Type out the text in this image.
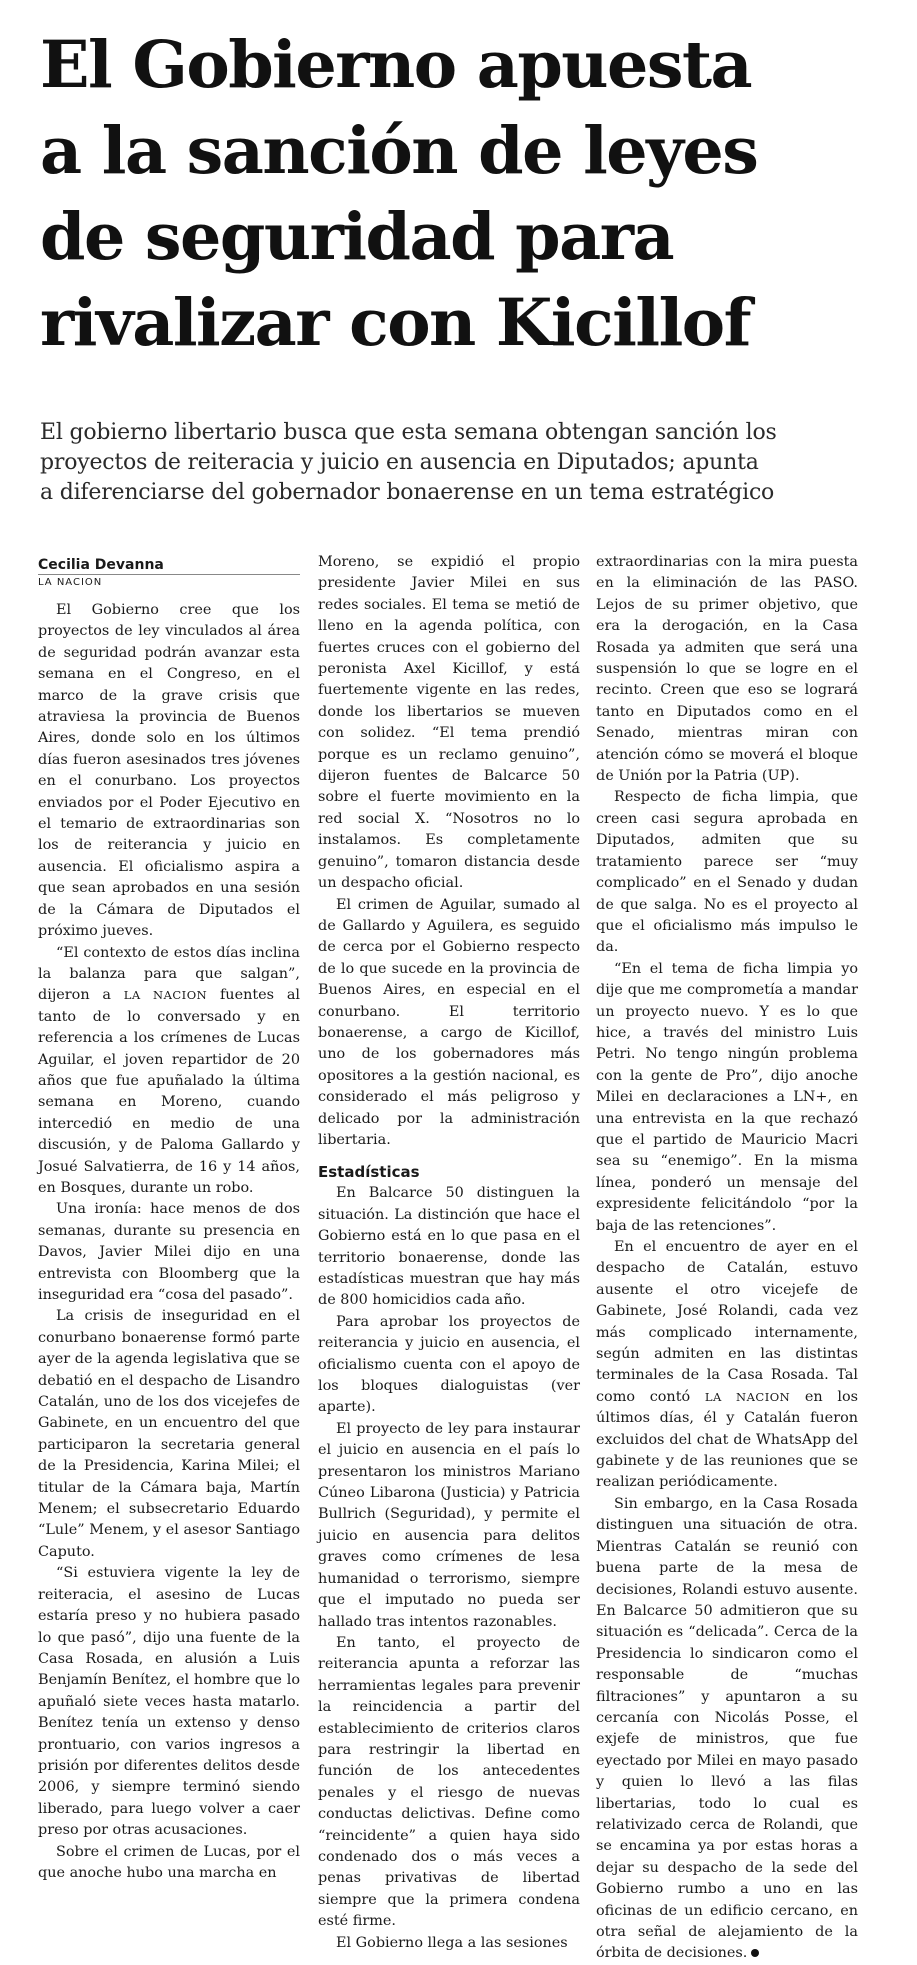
El Gobierno apuesta
a la sanción de leyes
de seguridad para
rivalizar con Kicillof
El gobierno libertario busca que esta semana obtengan sanción los
proyectos de reiteracia y juicio en ausencia en Diputados; apunta
a diferenciarse del gobernador bonaerense en un tema estratégico
Cecilia Devanna
LA NACION

El Gobierno cree que los proyectos de ley vinculados al área de seguridad podrán avanzar esta semana en el Congreso, en el marco de la grave crisis que atraviesa la provincia de Buenos Aires, donde solo en los últimos días fueron asesinados tres jóvenes en el conurbano. Los proyectos enviados por el Poder Ejecutivo en el temario de extraordinarias son los de reiterancia y juicio en ausencia. El oficialismo aspira a que sean aprobados en una sesión de la Cámara de Diputados el próximo jueves.

“El contexto de estos días inclina la balanza para que salgan”, dijeron a LA NACION fuentes al tanto de lo conversado y en referencia a los crímenes de Lucas Aguilar, el joven repartidor de 20 años que fue apuñalado la última semana en Moreno, cuando intercedió en medio de una discusión, y de Paloma Gallardo y Josué Salvatierra, de 16 y 14 años, en Bosques, durante un robo.

Una ironía: hace menos de dos semanas, durante su presencia en Davos, Javier Milei dijo en una entrevista con Bloomberg que la inseguridad era “cosa del pasado”.

La crisis de inseguridad en el conurbano bonaerense formó parte ayer de la agenda legislativa que se debatió en el despacho de Lisandro Catalán, uno de los dos vicejefes de Gabinete, en un encuentro del que participaron la secretaria general de la Presidencia, Karina Milei; el titular de la Cámara baja, Martín Menem; el subsecretario Eduardo “Lule” Menem, y el asesor Santiago Caputo.

“Si estuviera vigente la ley de reiteracia, el asesino de Lucas estaría preso y no hubiera pasado lo que pasó”, dijo una fuente de la Casa Rosada, en alusión a Luis Benjamín Benítez, el hombre que lo apuñaló siete veces hasta matarlo. Benítez tenía un extenso y denso prontuario, con varios ingresos a prisión por diferentes delitos desde 2006, y siempre terminó siendo liberado, para luego volver a caer preso por otras acusaciones.

Sobre el crimen de Lucas, por el que anoche hubo una marcha en

Moreno, se expidió el propio presidente Javier Milei en sus redes sociales. El tema se metió de lleno en la agenda política, con fuertes cruces con el gobierno del peronista Axel Kicillof, y está fuertemente vigente en las redes, donde los libertarios se mueven con solidez. “El tema prendió porque es un reclamo genuino”, dijeron fuentes de Balcarce 50 sobre el fuerte movimiento en la red social X. “Nosotros no lo instalamos. Es completamente genuino”, tomaron distancia desde un despacho oficial.

El crimen de Aguilar, sumado al de Gallardo y Aguilera, es seguido de cerca por el Gobierno respecto de lo que sucede en la provincia de Buenos Aires, en especial en el conurbano. El territorio bonaerense, a cargo de Kicillof, uno de los gobernadores más opositores a la gestión nacional, es considerado el más peligroso y delicado por la administración libertaria.

Estadísticas

En Balcarce 50 distinguen la situación. La distinción que hace el Gobierno está en lo que pasa en el territorio bonaerense, donde las estadísticas muestran que hay más de 800 homicidios cada año.

Para aprobar los proyectos de reiterancia y juicio en ausencia, el oficialismo cuenta con el apoyo de los bloques dialoguistas (ver aparte).

El proyecto de ley para instaurar el juicio en ausencia en el país lo presentaron los ministros Mariano Cúneo Libarona (Justicia) y Patricia Bullrich (Seguridad), y permite el juicio en ausencia para delitos graves como crímenes de lesa humanidad o terrorismo, siempre que el imputado no pueda ser hallado tras intentos razonables.

En tanto, el proyecto de reiterancia apunta a reforzar las herramientas legales para prevenir la reincidencia a partir del establecimiento de criterios claros para restringir la libertad en función de los antecedentes penales y el riesgo de nuevas conductas delictivas. Define como “reincidente” a quien haya sido condenado dos o más veces a penas privativas de libertad siempre que la primera condena esté firme.

El Gobierno llega a las sesiones

extraordinarias con la mira puesta en la eliminación de las PASO. Lejos de su primer objetivo, que era la derogación, en la Casa Rosada ya admiten que será una suspensión lo que se logre en el recinto. Creen que eso se logrará tanto en Diputados como en el Senado, mientras miran con atención cómo se moverá el bloque de Unión por la Patria (UP).

Respecto de ficha limpia, que creen casi segura aprobada en Diputados, admiten que su tratamiento parece ser “muy complicado” en el Senado y dudan de que salga. No es el proyecto al que el oficialismo más impulso le da.

“En el tema de ficha limpia yo dije que me comprometía a mandar un proyecto nuevo. Y es lo que hice, a través del ministro Luis Petri. No tengo ningún problema con la gente de Pro”, dijo anoche Milei en declaraciones a LN+, en una entrevista en la que rechazó que el partido de Mauricio Macri sea su “enemigo”. En la misma línea, ponderó un mensaje del expresidente felicitándolo “por la baja de las retenciones”.

En el encuentro de ayer en el despacho de Catalán, estuvo ausente el otro vicejefe de Gabinete, José Rolandi, cada vez más complicado internamente, según admiten en las distintas terminales de la Casa Rosada. Tal como contó LA NACION en los últimos días, él y Catalán fueron excluidos del chat de WhatsApp del gabinete y de las reuniones que se realizan periódicamente.

Sin embargo, en la Casa Rosada distinguen una situación de otra. Mientras Catalán se reunió con buena parte de la mesa de decisiones, Rolandi estuvo ausente. En Balcarce 50 admitieron que su situación es “delicada”. Cerca de la Presidencia lo sindicaron como el responsable de “muchas filtraciones” y apuntaron a su cercanía con Nicolás Posse, el exjefe de ministros, que fue eyectado por Milei en mayo pasado y quien lo llevó a las filas libertarias, todo lo cual es relativizado cerca de Rolandi, que se encamina ya por estas horas a dejar su despacho de la sede del Gobierno rumbo a uno en las oficinas de un edificio cercano, en otra señal de alejamiento de la órbita de decisiones.
